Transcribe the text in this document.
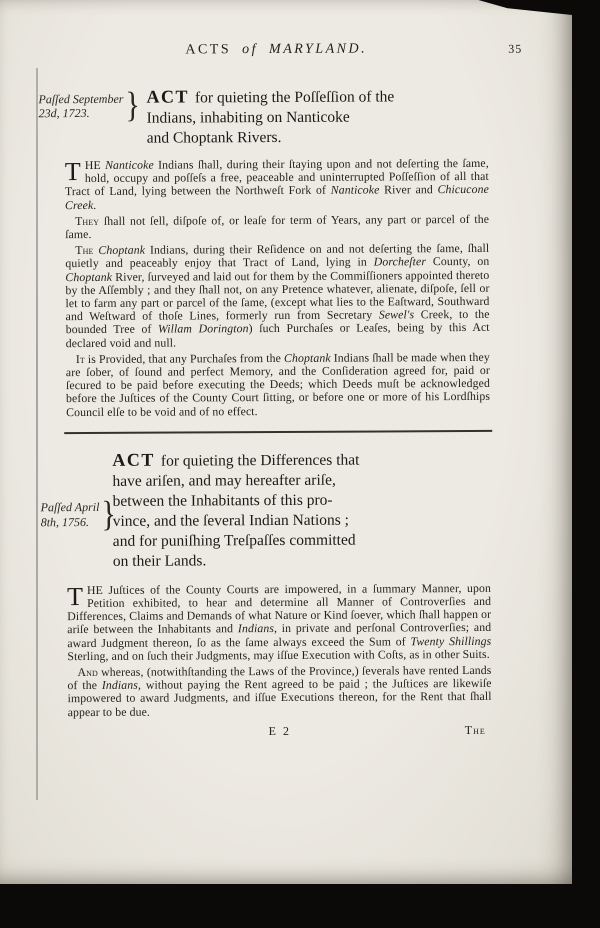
ACTS of MARYLAND.	35
Paſſed September
23d, 1723.	} ACT for quieting the Poſſeſſion of the
Indians, inhabiting on Nanticoke
and Choptank Rivers.

THE Nanticoke Indians ſhall, during their ſtaying upon and not deſerting the ſame, hold, occupy and poſſeſs a free, peaceable and uninterrupted Poſſeſſion of all that Tract of Land, lying between the Northweſt Fork of Nanticoke River and Chicucone Creek.

They ſhall not ſell, diſpoſe of, or leaſe for term of Years, any part or parcel of the ſame.

The Choptank Indians, during their Reſidence on and not deſerting the ſame, ſhall quietly and peaceably enjoy that Tract of Land, lying in Dorcheſter County, on Choptank River, ſurveyed and laid out for them by the Commiſſioners appointed thereto by the Aſſembly ; and they ſhall not, on any Pretence whatever, alienate, diſpoſe, ſell or let to farm any part or parcel of the ſame, (except what lies to the Eaſtward, Southward and Weſtward of thoſe Lines, formerly run from Secretary Sewel's Creek, to the bounded Tree of Willam Dorington) ſuch Purchaſes or Leaſes, being by this Act declared void and null.

It is Provided, that any Purchaſes from the Choptank Indians ſhall be made when they are ſober, of ſound and perfect Memory, and the Conſideration agreed for, paid or ſecured to be paid before executing the Deeds; which Deeds muſt be acknowledged before the Juſtices of the County Court ſitting, or before one or more of his Lordſhips Council elſe to be void and of no effect.

Paſſed April
8th, 1756. }
ACT for quieting the Differences that
have ariſen, and may hereafter ariſe,
between the Inhabitants of this pro-
vince, and the ſeveral Indian Nations ;
and for puniſhing Treſpaſſes committed
on their Lands.

THE Juſtices of the County Courts are impowered, in a ſummary Manner, upon Petition exhibited, to hear and determine all Manner of Controverſies and Differences, Claims and Demands of what Nature or Kind ſoever, which ſhall happen or ariſe between the Inhabitants and Indians, in private and perſonal Controverſies; and award Judgment thereon, ſo as the ſame always exceed the Sum of Twenty Shillings Sterling, and on ſuch their Judgments, may iſſue Execution with Coſts, as in other Suits.

And whereas, (notwithſtanding the Laws of the Province,) ſeverals have rented Lands of the Indians, without paying the Rent agreed to be paid ; the Juſtices are likewiſe impowered to award Judgments, and iſſue Executions thereon, for the Rent that ſhall appear to be due.

E 2	The
